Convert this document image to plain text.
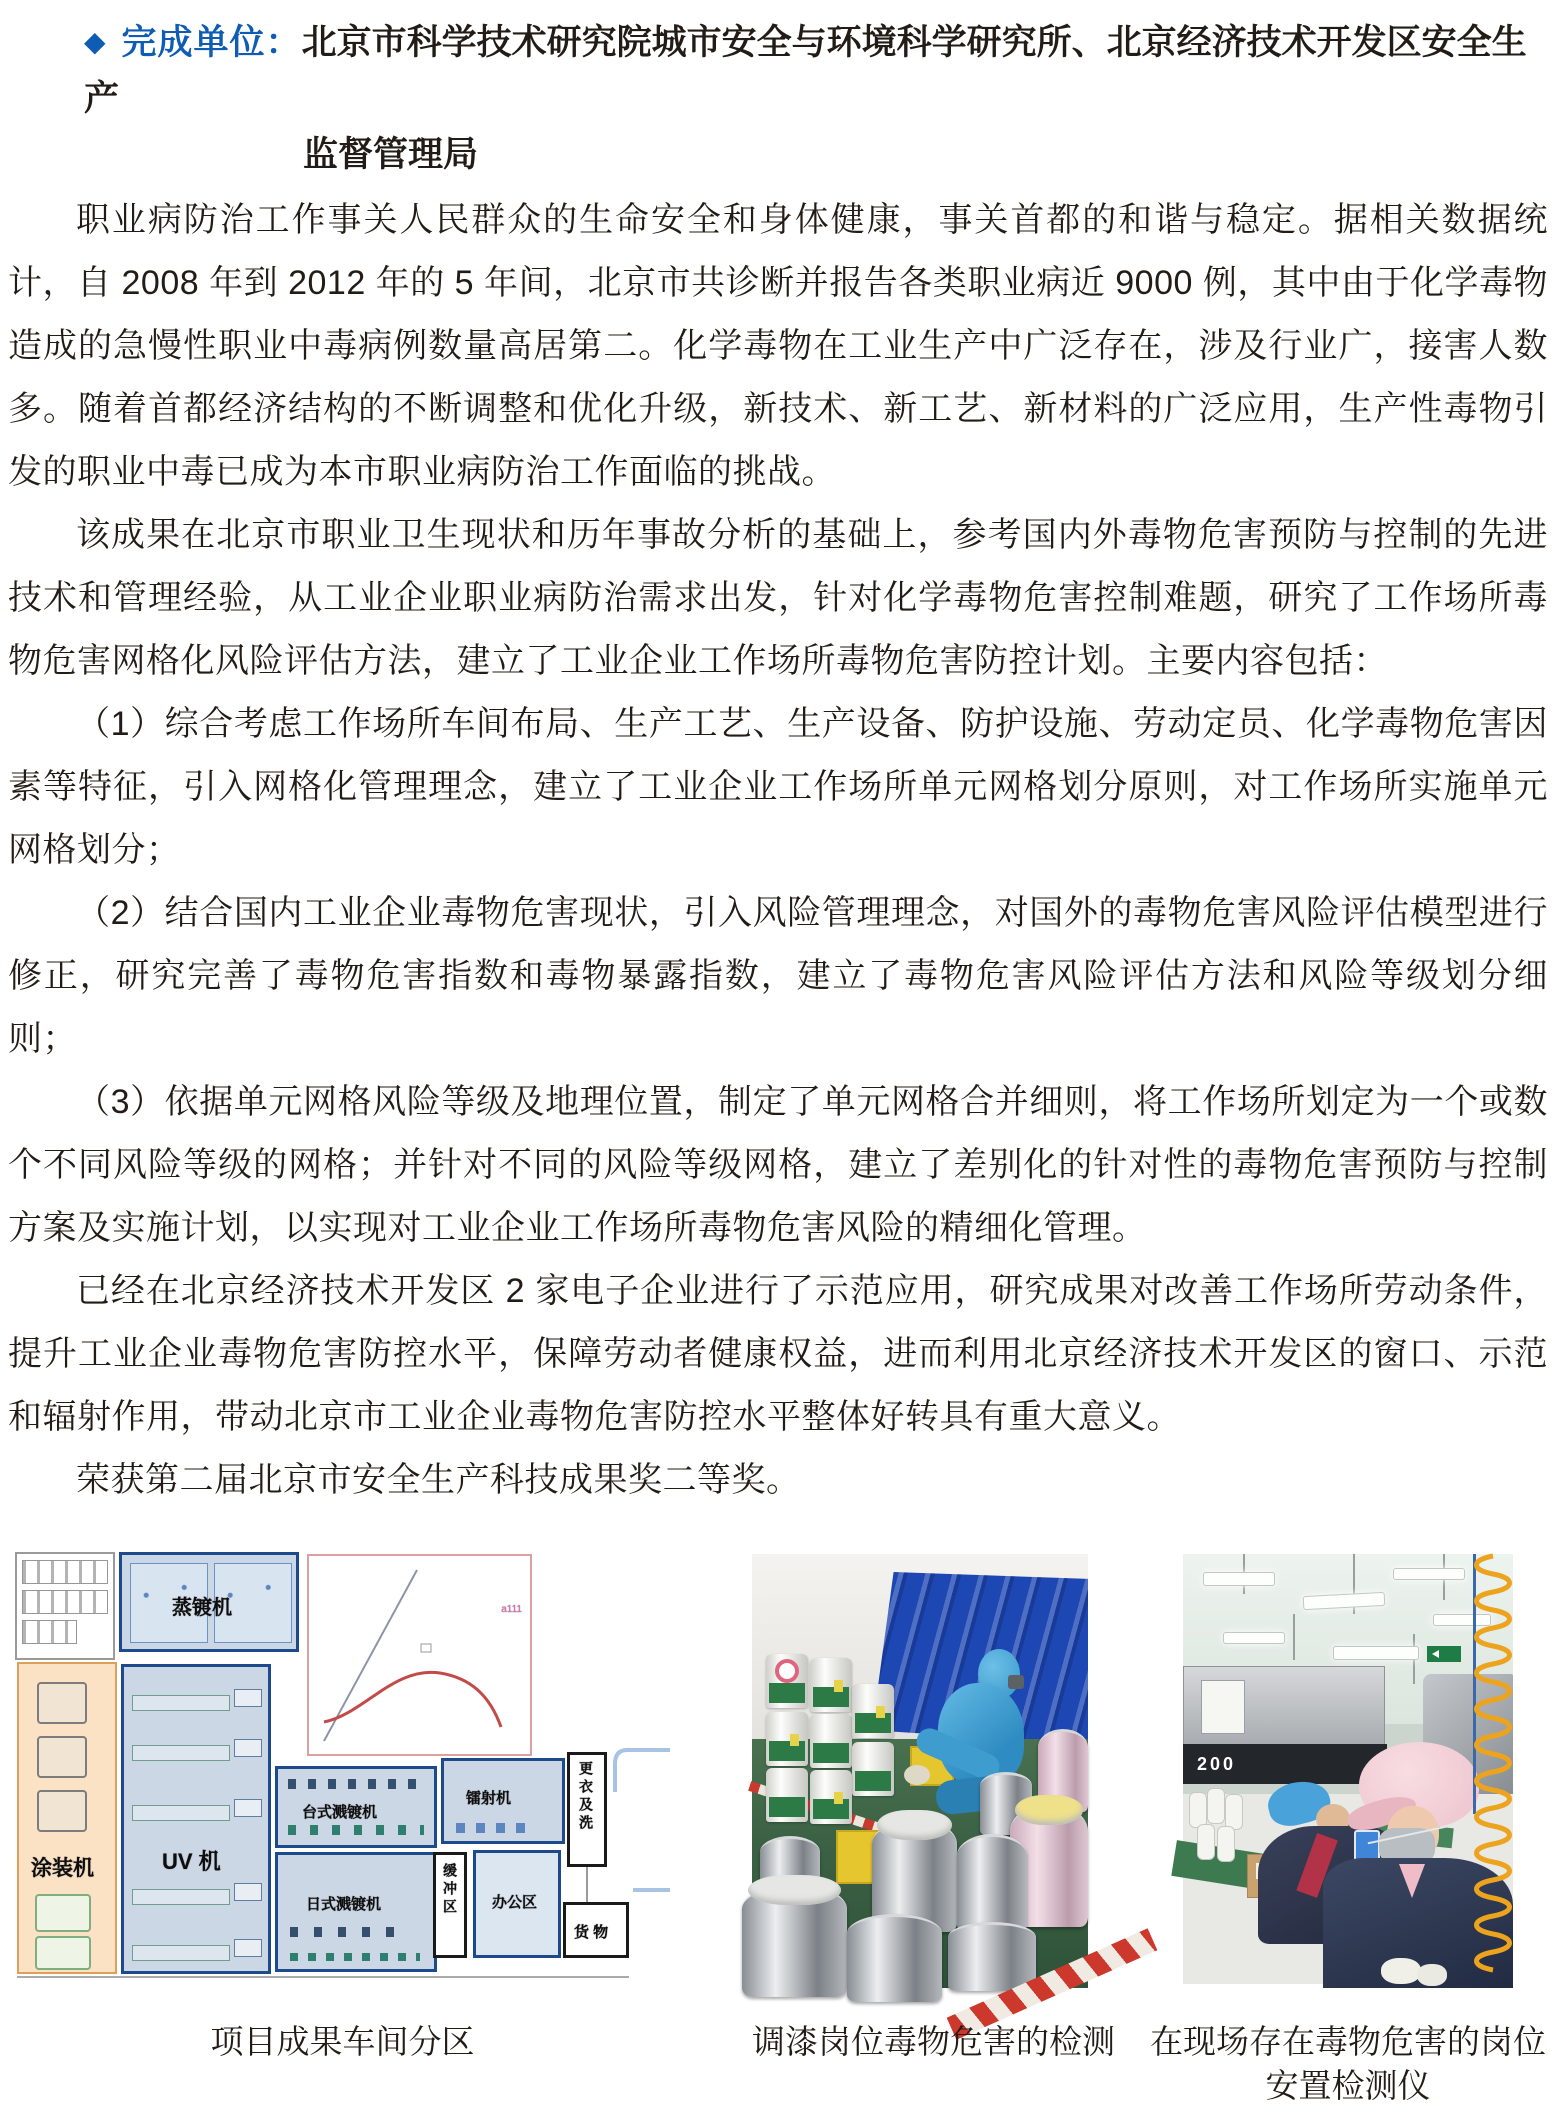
◆ 完成单位：北京市科学技术研究院城市安全与环境科学研究所、北京经济技术开发区安全生产
监督管理局

职业病防治工作事关人民群众的生命安全和身体健康，事关首都的和谐与稳定。据相关数据统计，自 2008 年到 2012 年的 5 年间，北京市共诊断并报告各类职业病近 9000 例，其中由于化学毒物造成的急慢性职业中毒病例数量高居第二。化学毒物在工业生产中广泛存在，涉及行业广，接害人数多。随着首都经济结构的不断调整和优化升级，新技术、新工艺、新材料的广泛应用，生产性毒物引发的职业中毒已成为本市职业病防治工作面临的挑战。

该成果在北京市职业卫生现状和历年事故分析的基础上，参考国内外毒物危害预防与控制的先进技术和管理经验，从工业企业职业病防治需求出发，针对化学毒物危害控制难题，研究了工作场所毒物危害网格化风险评估方法，建立了工业企业工作场所毒物危害防控计划。主要内容包括：

（1）综合考虑工作场所车间布局、生产工艺、生产设备、防护设施、劳动定员、化学毒物危害因素等特征，引入网格化管理理念，建立了工业企业工作场所单元网格划分原则，对工作场所实施单元网格划分；

（2）结合国内工业企业毒物危害现状，引入风险管理理念，对国外的毒物危害风险评估模型进行修正，研究完善了毒物危害指数和毒物暴露指数，建立了毒物危害风险评估方法和风险等级划分细则；

（3）依据单元网格风险等级及地理位置，制定了单元网格合并细则，将工作场所划定为一个或数个不同风险等级的网格；并针对不同的风险等级网格，建立了差别化的针对性的毒物危害预防与控制方案及实施计划，以实现对工业企业工作场所毒物危害风险的精细化管理。

已经在北京经济技术开发区 2 家电子企业进行了示范应用，研究成果对改善工作场所劳动条件，提升工业企业毒物危害防控水平，保障劳动者健康权益，进而利用北京经济技术开发区的窗口、示范和辐射作用，带动北京市工业企业毒物危害防控水平整体好转具有重大意义。

荣获第二届北京市安全生产科技成果奖二等奖。

蒸镀机	a111
涂装机	UV 机
台式溅镀机
镭射机
日式溅镀机	缓冲区 办公区
更衣及洗
货 物
200
项目成果车间分区	调漆岗位毒物危害的检测 在现场存在毒物危害的岗位
安置检测仪
